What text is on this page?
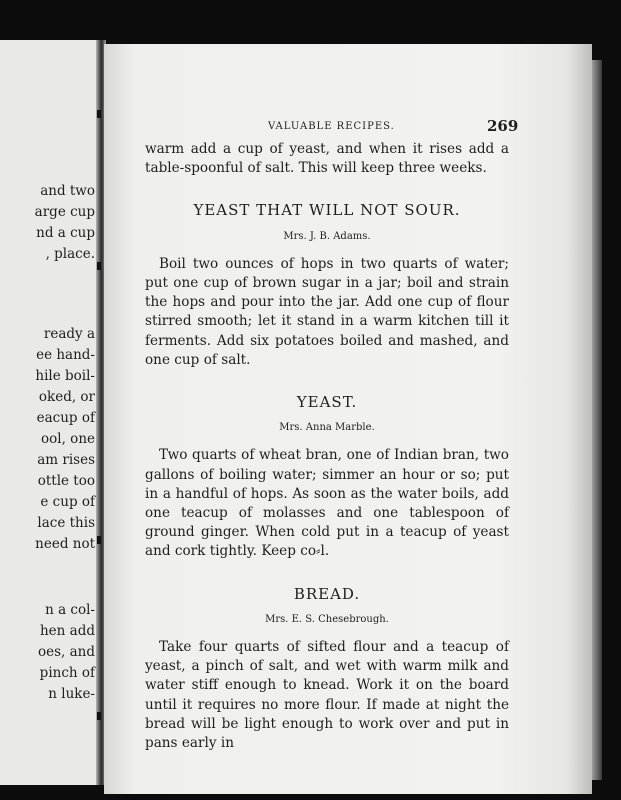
and two
arge cup
nd a cup
, place.
ready a
ee hand-
hile boil-
oked, or
eacup of
ool, one
am rises
ottle too
e cup of
lace this
need not
n a col-
hen add
oes, and
pinch of
n luke-
VALUABLE RECIPES.	269

warm add a cup of yeast, and when it rises add a table-spoonful of salt. This will keep three weeks.

YEAST THAT WILL NOT SOUR.
Mrs. J. B. Adams.

Boil two ounces of hops in two quarts of water; put one cup of brown sugar in a jar; boil and strain the hops and pour into the jar. Add one cup of flour stirred smooth; let it stand in a warm kitchen till it ferments. Add six potatoes boiled and mashed, and one cup of salt.

YEAST.
Mrs. Anna Marble.

Two quarts of wheat bran, one of Indian bran, two gallons of boiling water; simmer an hour or so; put in a handful of hops. As soon as the water boils, add one teacup of molasses and one tablespoon of ground ginger. When cold put in a teacup of yeast and cork tightly. Keep co⸗l.

BREAD.
Mrs. E. S. Chesebrough.

Take four quarts of sifted flour and a teacup of yeast, a pinch of salt, and wet with warm milk and water stiff enough to knead. Work it on the board until it requires no more flour. If made at night the bread will be light enough to work over and put in pans early in
